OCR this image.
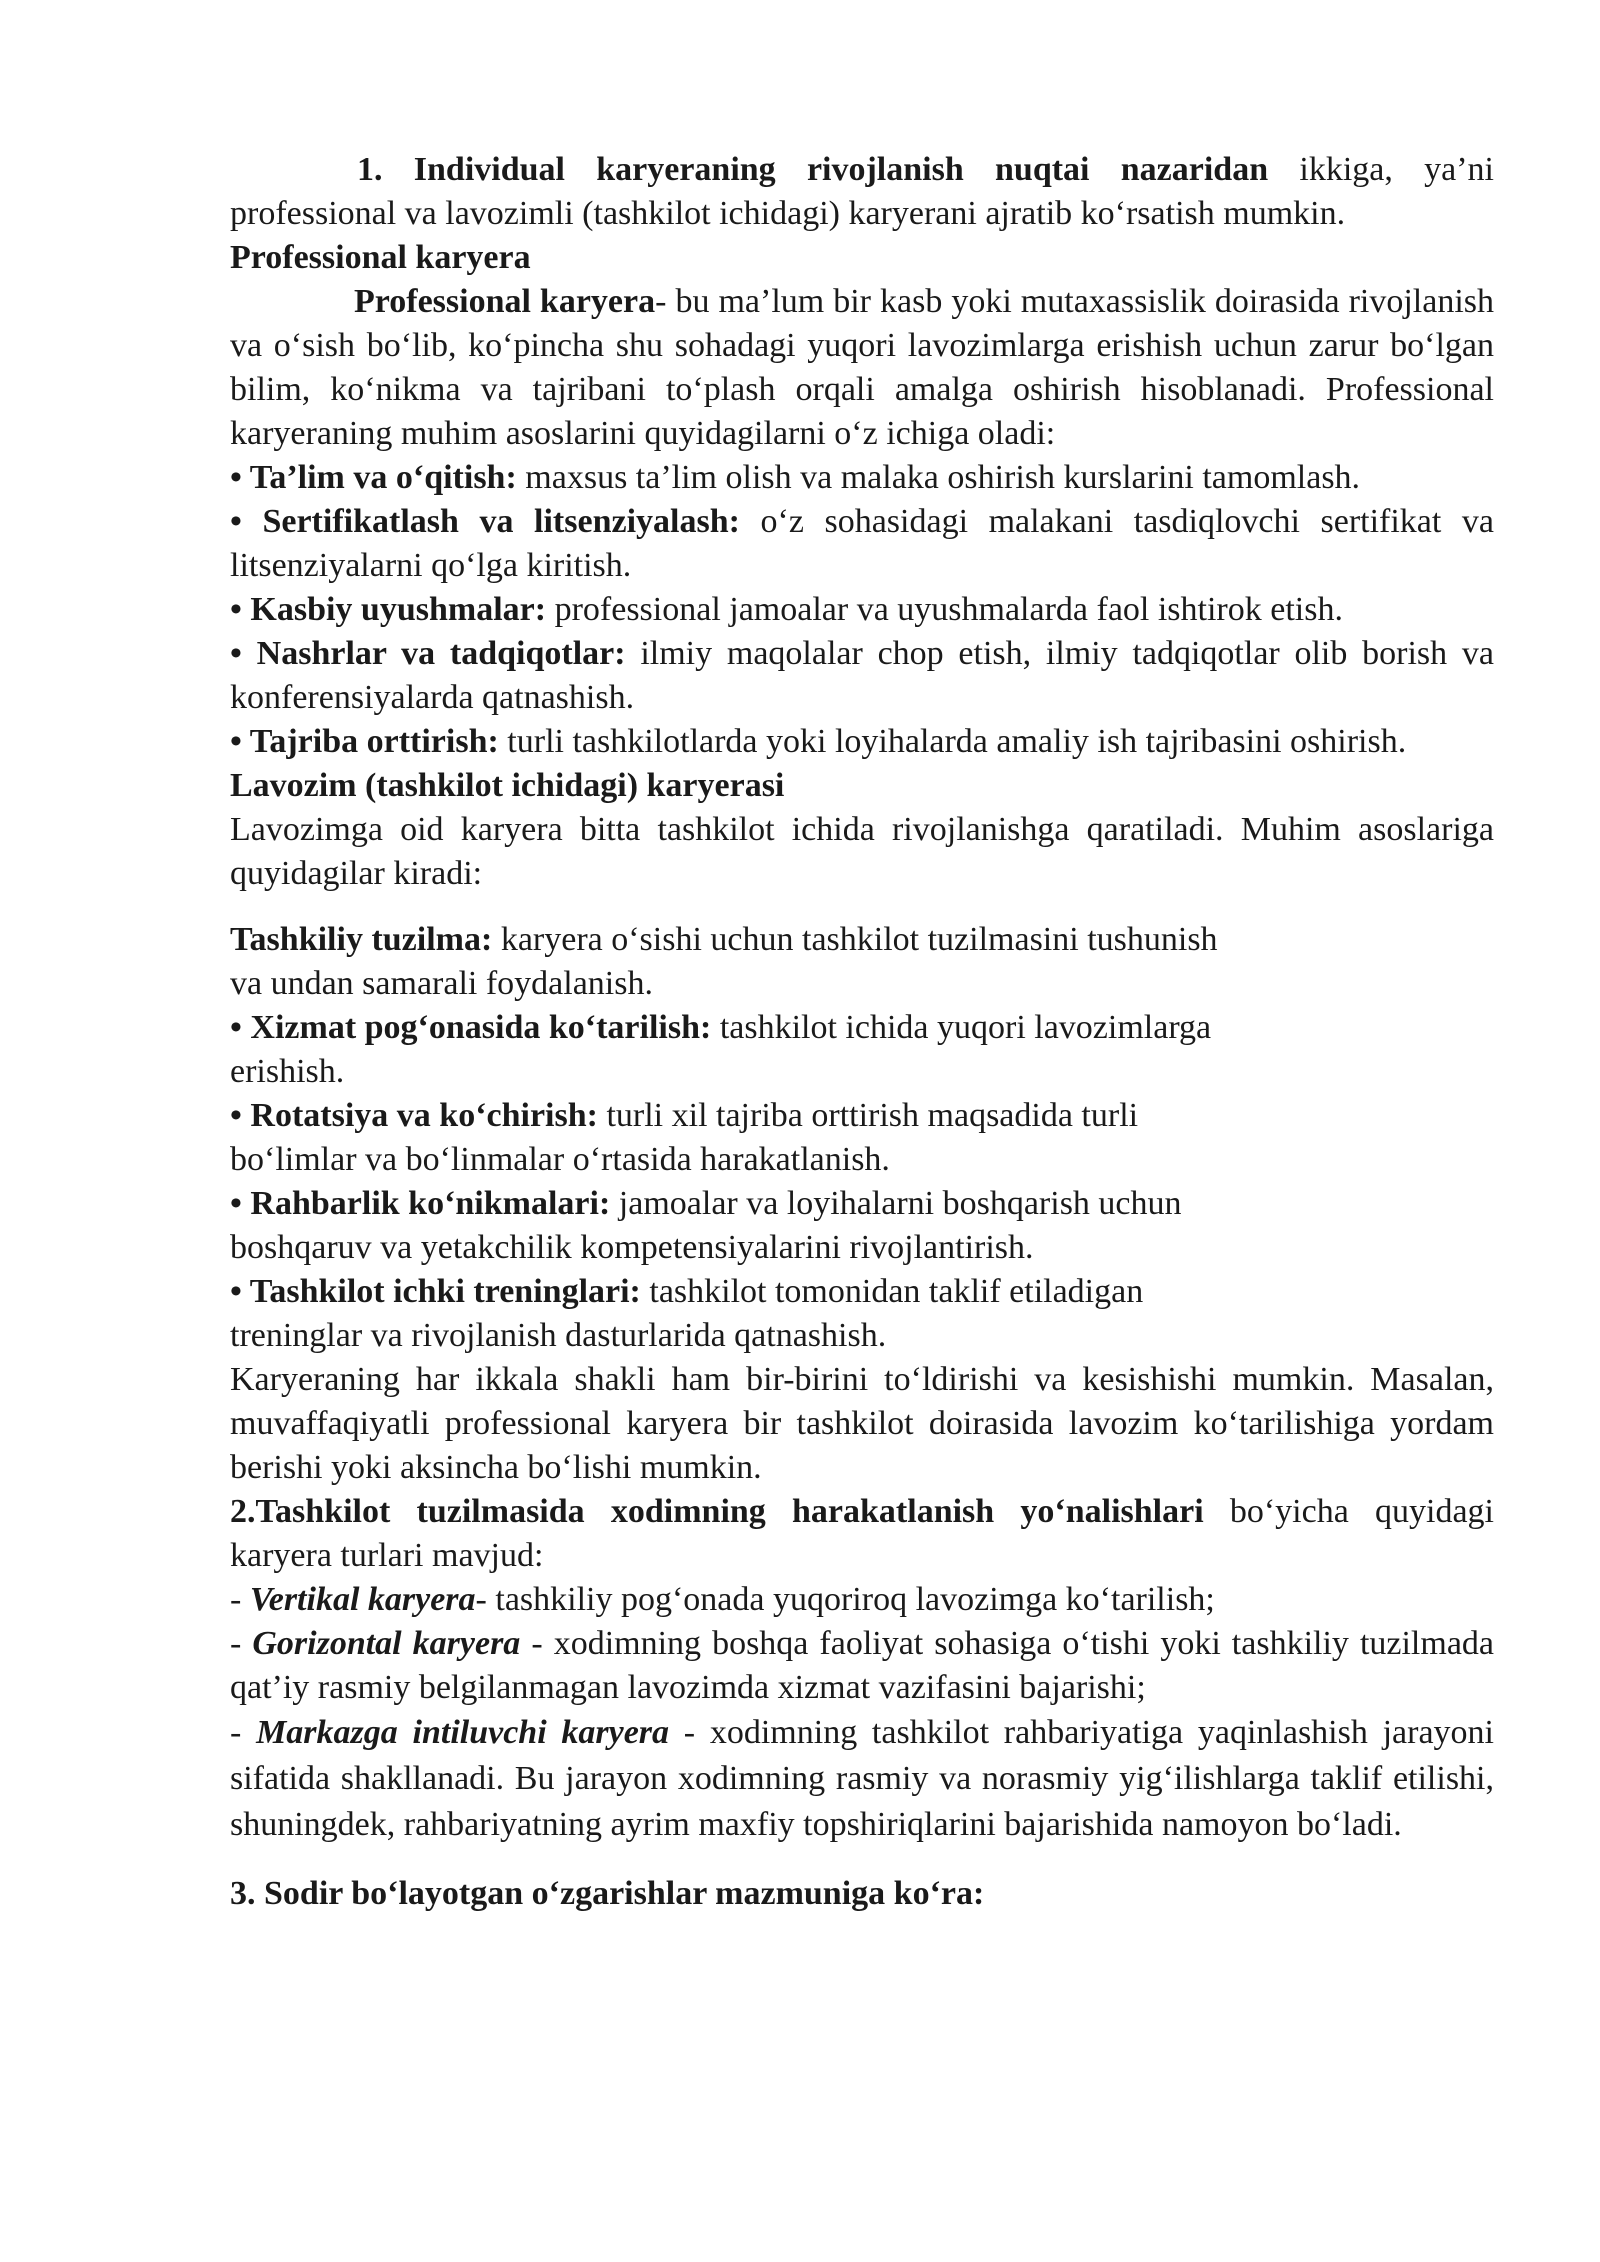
1. Individual karyeraning rivojlanish nuqtai nazaridan ikkiga, ya’ni professional va lavozimli (tashkilot ichidagi) karyerani ajratib ko‘rsatish mumkin.

Professional karyera

Professional karyera- bu ma’lum bir kasb yoki mutaxassislik doirasida rivojlanish va o‘sish bo‘lib, ko‘pincha shu sohadagi yuqori lavozimlarga erishish uchun zarur bo‘lgan bilim, ko‘nikma va tajribani to‘plash orqali amalga oshirish hisoblanadi. Professional karyeraning muhim asoslarini quyidagilarni o‘z ichiga oladi:

• Ta’lim va o‘qitish: maxsus ta’lim olish va malaka oshirish kurslarini tamomlash.

• Sertifikatlash va litsenziyalash: o‘z sohasidagi malakani tasdiqlovchi sertifikat va litsenziyalarni qo‘lga kiritish.

• Kasbiy uyushmalar: professional jamoalar va uyushmalarda faol ishtirok etish.

• Nashrlar va tadqiqotlar: ilmiy maqolalar chop etish, ilmiy tadqiqotlar olib borish va konferensiyalarda qatnashish.

• Tajriba orttirish: turli tashkilotlarda yoki loyihalarda amaliy ish tajribasini oshirish.

Lavozim (tashkilot ichidagi) karyerasi

Lavozimga oid karyera bitta tashkilot ichida rivojlanishga qaratiladi. Muhim asoslariga quyidagilar kiradi:

Tashkiliy tuzilma: karyera o‘sishi uchun tashkilot tuzilmasini tushunish
va undan samarali foydalanish.

• Xizmat pog‘onasida ko‘tarilish: tashkilot ichida yuqori lavozimlarga
erishish.

• Rotatsiya va ko‘chirish: turli xil tajriba orttirish maqsadida turli
bo‘limlar va bo‘linmalar o‘rtasida harakatlanish.

• Rahbarlik ko‘nikmalari: jamoalar va loyihalarni boshqarish uchun
boshqaruv va yetakchilik kompetensiyalarini rivojlantirish.

• Tashkilot ichki treninglari: tashkilot tomonidan taklif etiladigan
treninglar va rivojlanish dasturlarida qatnashish.

Karyeraning har ikkala shakli ham bir-birini to‘ldirishi va kesishishi mumkin. Masalan, muvaffaqiyatli professional karyera bir tashkilot doirasida lavozim ko‘tarilishiga yordam berishi yoki aksincha bo‘lishi mumkin.

2.Tashkilot tuzilmasida xodimning harakatlanish yo‘nalishlari bo‘yicha quyidagi karyera turlari mavjud:

- Vertikal karyera- tashkiliy pog‘onada yuqoriroq lavozimga ko‘tarilish;

- Gorizontal karyera - xodimning boshqa faoliyat sohasiga o‘tishi yoki tashkiliy tuzilmada qat’iy rasmiy belgilanmagan lavozimda xizmat vazifasini bajarishi;

- Markazga intiluvchi karyera - xodimning tashkilot rahbariyatiga yaqinlashish jarayoni sifatida shakllanadi. Bu jarayon xodimning rasmiy va norasmiy yig‘ilishlarga taklif etilishi, shuningdek, rahbariyatning ayrim maxfiy topshiriqlarini bajarishida namoyon bo‘ladi.

3. Sodir bo‘layotgan o‘zgarishlar mazmuniga ko‘ra:
